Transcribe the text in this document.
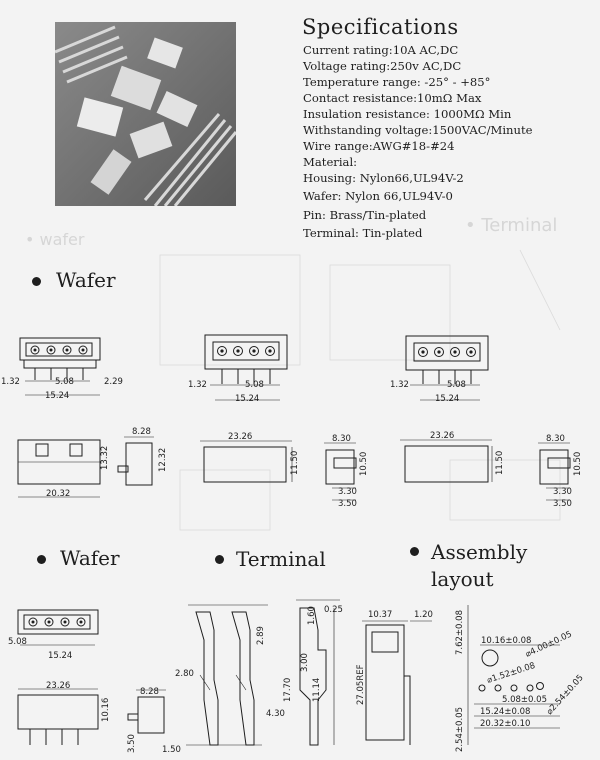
• Terminal
• wafer
Specifications
Current rating:10A AC,DC
Voltage rating:250v AC,DC
Temperature range: -25° - +85°
Contact resistance:10mΩ Max
Insulation resistance: 1000MΩ Min
Withstanding voltage:1500VAC/Minute
Wire range:AWG#18-#24
Material:
Housing: Nylon66,UL94V-2
Wafer: Nylon 66,UL94V-0
Pin: Brass/Tin-plated
Terminal: Tin-plated
Wafer
Wafer	Terminal	Assembly
layout
1.32	5.08	2.29
15.24
1.32	5.08
15.24
1.32	5.08
15.24
13.32
20.32
8.28
12.32
23.26
11.50
8.30
10.50
3.30
3.50
23.26
11.50
8.30
10.50
3.30
3.50
5.08
15.24
23.26
10.16
8.28
3.50	1.50
2.89
2.80
4.30
1.60 0.25
3.00
17.70 11.14
10.37	1.20
27.05REF
7.62±0.08 10.16±0.08
⌀4.00±0.05
⌀1.52±0.08
5.08±0.05
15.24±0.08
20.32±0.10
2.54±0.05
⌀2.54±0.05
